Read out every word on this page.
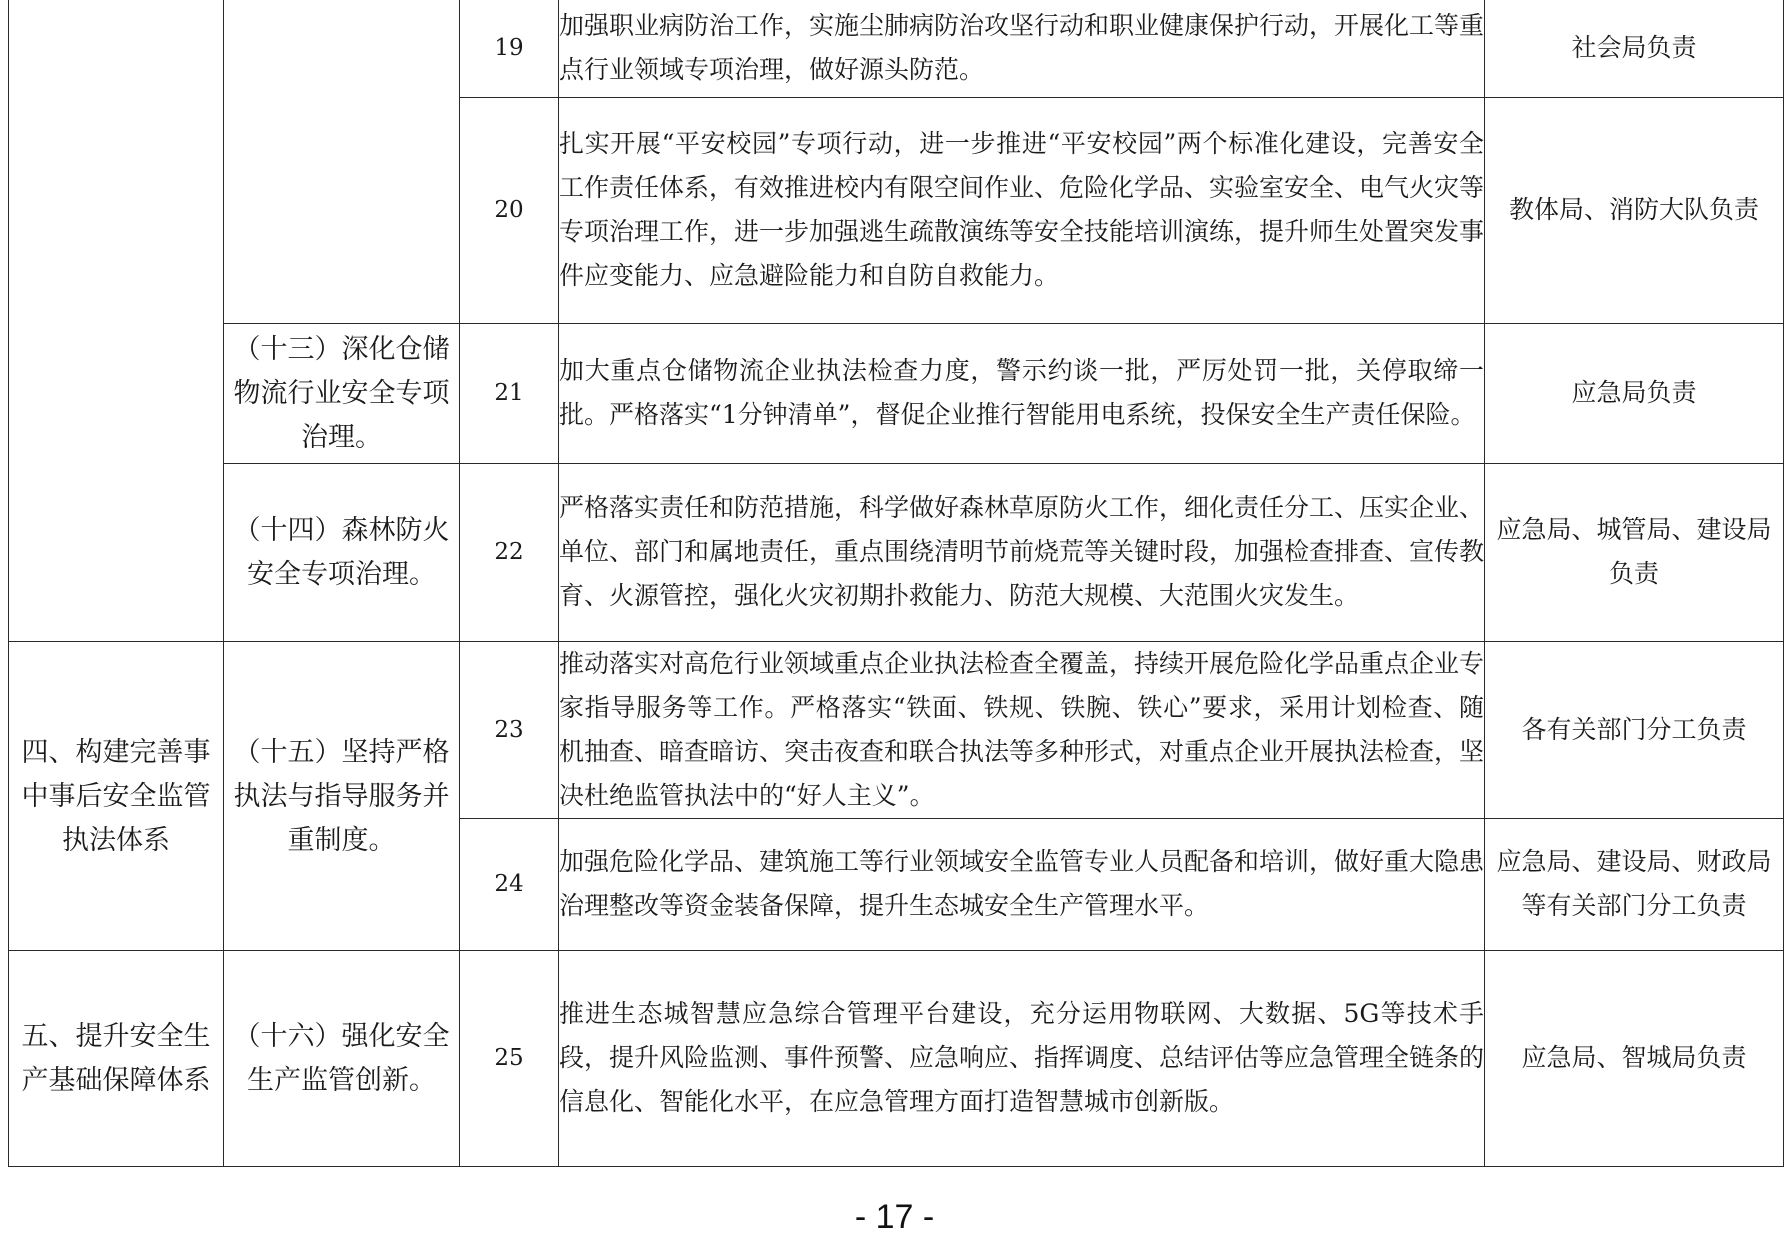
		19	加强职业病防治工作，实施尘肺病防治攻坚行动和职业健康保护行动，开展化工等重点行业领域专项治理，做好源头防范。	社会局负责
		20	扎实开展“平安校园”专项行动，进一步推进“平安校园”两个标准化建设，完善安全工作责任体系，有效推进校内有限空间作业、危险化学品、实验室安全、电气火灾等专项治理工作，进一步加强逃生疏散演练等安全技能培训演练，提升师生处置突发事件应变能力、应急避险能力和自防自救能力。	教体局、消防大队负责
	（十三）深化仓储物流行业安全专项治理。	21	加大重点仓储物流企业执法检查力度，警示约谈一批，严厉处罚一批，关停取缔一批。严格落实“1分钟清单”，督促企业推行智能用电系统，投保安全生产责任保险。	应急局负责
	（十四）森林防火安全专项治理。	22	严格落实责任和防范措施，科学做好森林草原防火工作，细化责任分工、压实企业、单位、部门和属地责任，重点围绕清明节前烧荒等关键时段，加强检查排查、宣传教育、火源管控，强化火灾初期扑救能力、防范大规模、大范围火灾发生。	应急局、城管局、建设局负责
四、构建完善事中事后安全监管执法体系	（十五）坚持严格执法与指导服务并重制度。	23	推动落实对高危行业领域重点企业执法检查全覆盖，持续开展危险化学品重点企业专家指导服务等工作。严格落实“铁面、铁规、铁腕、铁心”要求，采用计划检查、随机抽查、暗查暗访、突击夜查和联合执法等多种形式，对重点企业开展执法检查，坚决杜绝监管执法中的“好人主义”。	各有关部门分工负责
		24	加强危险化学品、建筑施工等行业领域安全监管专业人员配备和培训，做好重大隐患治理整改等资金装备保障，提升生态城安全生产管理水平。	应急局、建设局、财政局等有关部门分工负责
五、提升安全生产基础保障体系	（十六）强化安全生产监管创新。	25	推进生态城智慧应急综合管理平台建设，充分运用物联网、大数据、5G等技术手段，提升风险监测、事件预警、应急响应、指挥调度、总结评估等应急管理全链条的信息化、智能化水平，在应急管理方面打造智慧城市创新版。	应急局、智城局负责
- 17 -
